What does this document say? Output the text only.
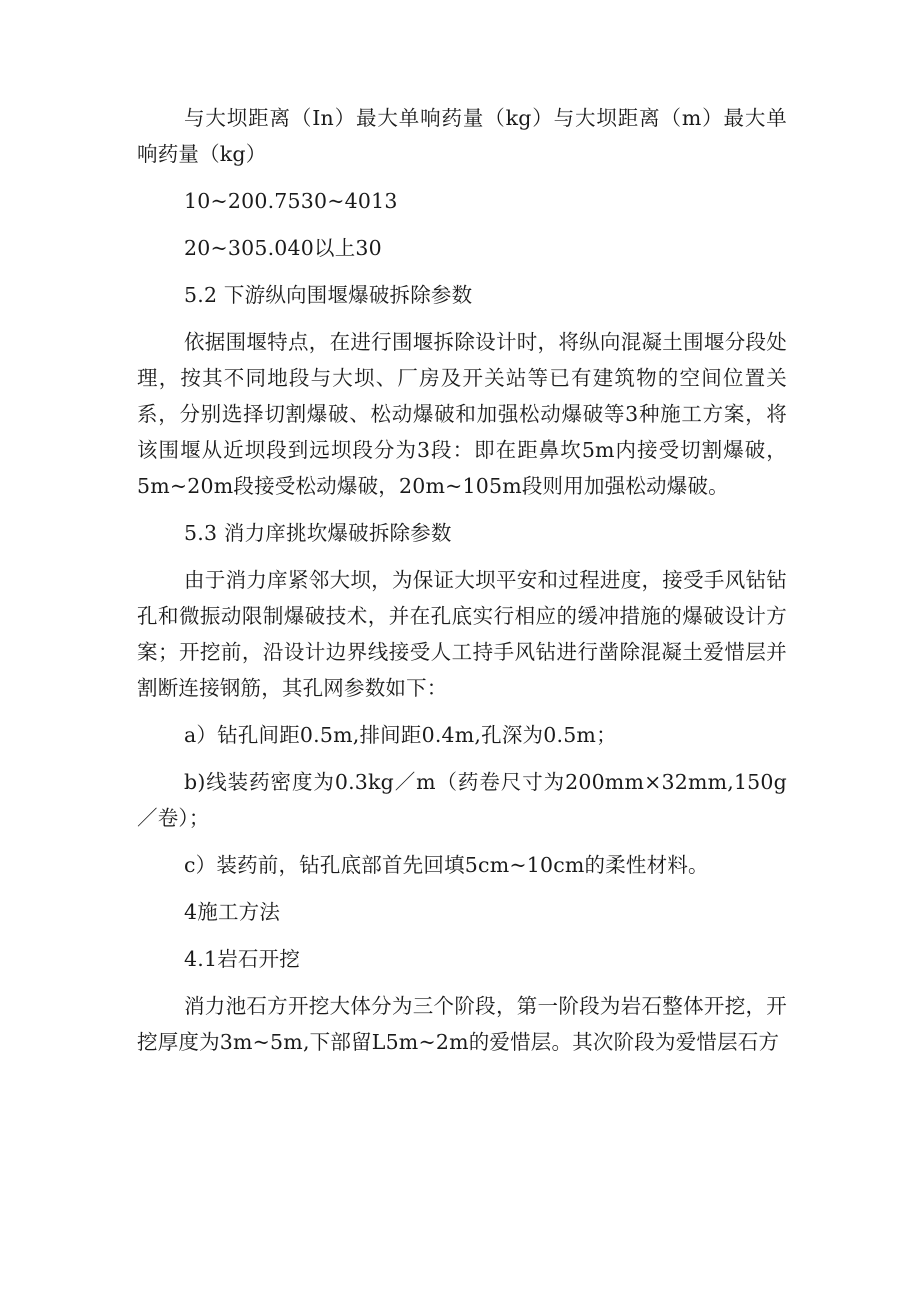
与大坝距离（In）最大单响药量（kg）与大坝距离（m）最大单响药量（kg）

10~200.7530~4013

20~305.040以上30

5.2 下游纵向围堰爆破拆除参数

依据围堰特点，在进行围堰拆除设计时，将纵向混凝土围堰分段处理，按其不同地段与大坝、厂房及开关站等已有建筑物的空间位置关系，分别选择切割爆破、松动爆破和加强松动爆破等3种施工方案，将该围堰从近坝段到远坝段分为3段：即在距鼻坎5m内接受切割爆破，5m~20m段接受松动爆破，20m~105m段则用加强松动爆破。

5.3 消力庠挑坎爆破拆除参数

由于消力庠紧邻大坝，为保证大坝平安和过程进度，接受手风钻钻孔和微振动限制爆破技术，并在孔底实行相应的缓冲措施的爆破设计方案；开挖前，沿设计边界线接受人工持手风钻进行凿除混凝土爱惜层并割断连接钢筋，其孔网参数如下：

a）钻孔间距0.5m,排间距0.4m,孔深为0.5m；

b)线装药密度为0.3kg／m（药卷尺寸为200mm×32mm,150g／卷）；

c）装药前，钻孔底部首先回填5cm~10cm的柔性材料。

4施工方法

4.1岩石开挖

消力池石方开挖大体分为三个阶段，第一阶段为岩石整体开挖，开挖厚度为3m~5m,下部留L5m~2m的爱惜层。其次阶段为爱惜层石方
